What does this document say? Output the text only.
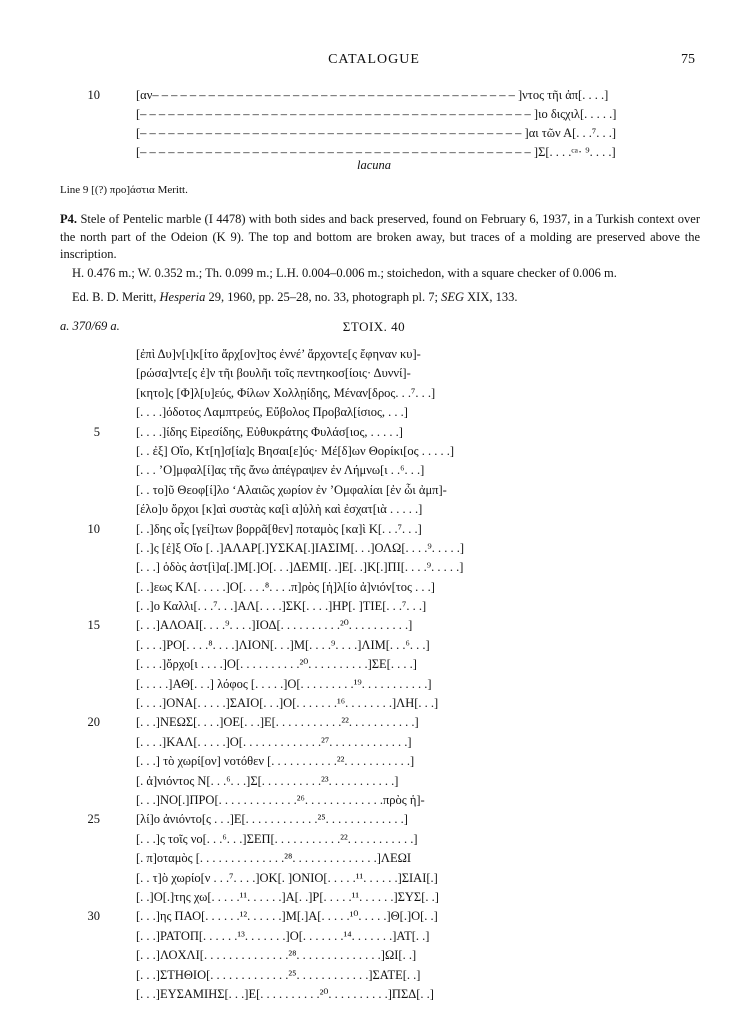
CATALOGUE	75
10	[αν– – – – – – – – – – – – – – – – – – – – – – – – – – – – – – – – – – – – – – – ]ντος τῆι ἀπ[. . . .]
[– – – – – – – – – – – – – – – – – – – – – – – – – – – – – – – – – – – – – – – – – – ]ιο διςχιλ[. . . . .]
[– – – – – – – – – – – – – – – – – – – – – – – – – – – – – – – – – – – – – – – – – ]αι τῶν Α[. . .⁷. . .]
[– – – – – – – – – – – – – – – – – – – – – – – – – – – – – – – – – – – – – – – – – – ]Σ[. . . .ᶜᵃ· ⁹. . . .]
lacuna
Line 9 [(?) προ]άστια Meritt.
P4. Stele of Pentelic marble (I 4478) with both sides and back preserved, found on February 6, 1937, in a Turkish context over the north part of the Odeion (K 9). The top and bottom are broken away, but traces of a molding are preserved above the inscription.
H. 0.476 m.; W. 0.352 m.; Th. 0.099 m.; L.H. 0.004–0.006 m.; stoichedon, with a square checker of 0.006 m.
Ed. B. D. Meritt, Hesperia 29, 1960, pp. 25–28, no. 33, photograph pl. 7; SEG XIX, 133.
a. 370/69 a.	ΣΤΟΙΧ. 40
[ἐπὶ Δυ]ν[ι]κ[ίτο ἄρχ[ον]τος ἐννέ’ ἄρχοντε[ς ἔφηναν κυ]-
[ρώσα]ντε[ς ἐ]ν τῆι βουλῆι τοῖς πεντηκοσ[ίοις· Δυννί]-
[κητο]ς [Φ]λ[υ]εύς, Φίλων Χολλῃίδης, Μέναν[δρος. . .⁷. . .]
[. . . .]όδοτος Λαμπτρεύς, Εὔβολος Προβαλ[ίσιος, . . .]
5	[. . . .]ίδης Εἰρεσίδης, Εὐθυκράτης Φυλάσ[ιος, . . . . .]
[. . ἐξ] Οἴο, Κτ[η]σ[ία]ς Βησαι[ε]ύς· Μέ[δ]ων Θορίκι[ος . . . . .]
[. . . ’Ο]μφαλ[ί]ας τῆς ἄνω ἀπέγραψεν ἐν Λήμνω[ι . .⁶. . .]
[. . το]ῦ Θεοφ[ί]λο ‘Αλαιῶς χωρίον ἐν ’Ομφαλίαι [ἐν ὧι ἀμπ]-
[έλο]υ ὄρχοι [κ]αὶ συστὰς κα[ὶ α]ὐλὴ καὶ ἐσχατ[ιὰ . . . . .]
10	[. .]δης οἷς [γεί]των βορρᾶ[θεν] ποταμὸς [κα]ὶ Κ[. . .⁷. . .]
[. .]ς [ἐ]ξ Οἴο [. .]ΑΛΑΡ[.]ΥΣΚΑ[.]ΙΑΣΙΜ[. . .]ΟΛΩ[. . . .⁹. . . . .]
[. . .] ὁδὸς ἀστ[ὶ]α[.]Μ[.]Ο[. . .]ΔΕΜΙ[. .]Ε[. .]Κ[.]ΠΙ[. . . .⁹. . . . .]
[. .]εως ΚΛ[. . . . .]Ο[. . . .⁸. . . .π]ρὸς [ἡ]λ[ίο ἀ]νιόν[τος . . .]
[. .]ο Καλλι[. . .⁷. . .]ΑΛ[. . . .]ΣΚ[. . . .]ΗΡ[. ]ΤΙΕ[. . .⁷. . .]
15	[. . .]ΑΛΟΑΙ[. . . .⁹. . . .]ΙΟΔ[. . . . . . . . . .²⁰. . . . . . . . . .]
[. . . .]ΡΟ[. . . .⁸. . . .]ΛΙΟΝ[. . .]Μ[. . . .⁹. . . .]ΛΙΜ[. . .⁶. . .]
[. . . .]ὄρχο[ι . . . .]Ο[. . . . . . . . . .²⁰. . . . . . . . . .]ΣΕ[. . . .]
[. . . . .]ΑΘ[. . .] λόφος [. . . . .]Ο[. . . . . . . . .¹⁹. . . . . . . . . . .]
[. . . .]ΟΝΑ[. . . . .]ΣΑΙΟ[. . .]Ο[. . . . . . .¹⁶. . . . . . . .]ΛΗ[. . .]
20	[. . .]ΝΕΩΣ[. . . .]ΟΕ[. . .]Ε[. . . . . . . . . . .²². . . . . . . . . . .]
[. . . .]ΚΑΛ[. . . . .]Ο[. . . . . . . . . . . . .²⁷. . . . . . . . . . . . .]
[. . .] τὸ χωρί[ον] νοτόθεν [. . . . . . . . . . .²². . . . . . . . . . .]
[. ἀ]νιόντος Ν[. . .⁶. . .]Σ[. . . . . . . . . .²³. . . . . . . . . . .]
[. . .]ΝΟ[.]ΠΡΟ[. . . . . . . . . . . . .²⁶. . . . . . . . . . . . .πρὸς ἡ]-
25	[λί]ο ἀνιόντο[ς . . .]Ε[. . . . . . . . . . . .²⁵. . . . . . . . . . . . .]
[. . .]ς τοῖς νο[. . .⁶. . .]ΣΕΠ[. . . . . . . . . . .²². . . . . . . . . . .]
[. π]οταμὸς [. . . . . . . . . . . . . .²⁸. . . . . . . . . . . . . .]ΛΕΩΙ
[. . τ]ὸ χωρίο[ν . . .⁷. . . .]ΟΚ[. ]ΟΝΙΟ[. . . . .¹¹. . . . . .]ΣΙΑΙ[.]
[. .]Ο[.]της χω[. . . . .¹¹. . . . . .]Α[. .]Ρ[. . . . .¹¹. . . . . .]ΣΥΣ[. .]
30	[. . .]ης ΠΑΟ[. . . . . .¹². . . . . .]Μ[.]Α[. . . . .¹⁰. . . . .]Θ[.]Ο[. .]
[. . .]ΡΑΤΟΠ[. . . . . .¹³. . . . . . .]Ο[. . . . . . .¹⁴. . . . . . .]ΑΤ[. .]
[. . .]ΛΟΧΛΙ[. . . . . . . . . . . . . .²⁸. . . . . . . . . . . . . .]ΩΙ[. .]
[. . .]ΣΤΗΘΙΟ[. . . . . . . . . . . . .²⁵. . . . . . . . . . . .]ΣΑΤΕ[. .]
[. . .]ΕΥΣΑΜΙΗΣ[. . .]Ε[. . . . . . . . . .²⁰. . . . . . . . . .]ΠΣΔ[. .]
